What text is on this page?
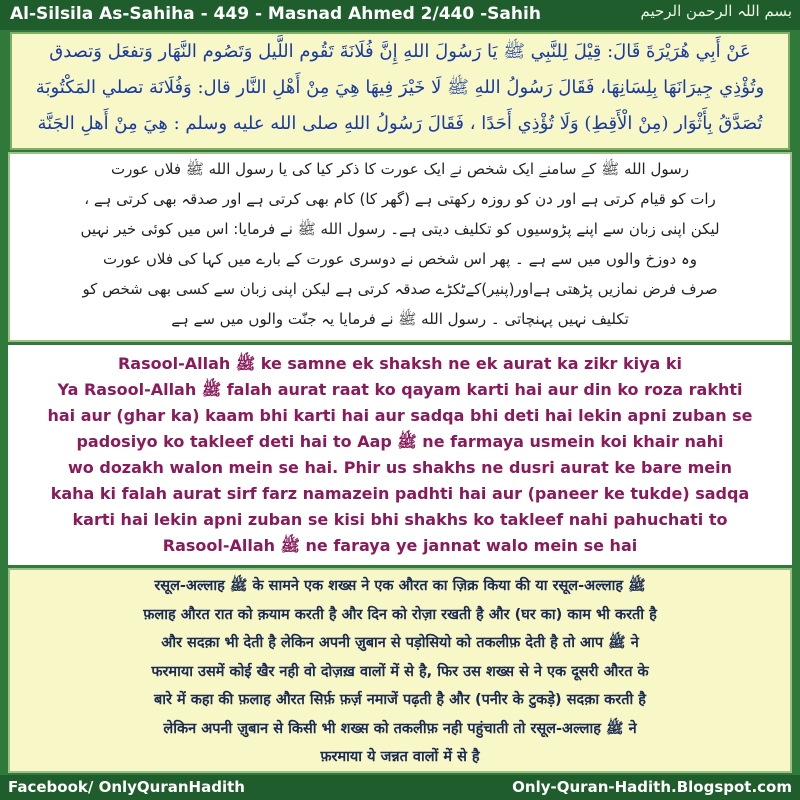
Al-Silsila As-Sahiha - 449 - Masnad Ahmed 2/440 -Sahih	بسم اللہ الرحمن الرحیم
عَنْ أَبِي هُرَيْرَةَ قَالَ: قِيْلَ لِلنَّبِي ﷺ يَا رَسُولَ اللهِ إِنَّ فُلَانَةَ تَقُوم اللَّيل وَتَصُوم النَّهَار وَتفعَل وَتصدق
وتُؤْذِي جِيرَانَهَا بِلِسَانِهَا، فَقَالَ رَسُولُ اللهِ ﷺ لَا خَيْرَ فِيهَا هِيَ مِنْ أَهْلِ النَّار قال: وَفُلَانَة تصلي المَكْتُوبَة
تُصَدَّقُ بِأَثْوَار (مِنْ الْأَقِطِ) وَلَا تُؤْذِي أَحَدًا ، فَقَالَ رَسُولُ اللهِ صلى الله عليه وسلم : هِيَ مِنْ أَهلِ الجَنَّة
رسول الله ﷺ کے سامنے ایک شخص نے ایک عورت کا ذکر کیا کی یا رسول الله ﷺ فلاں عورت
رات کو قیام کرتی ہے اور دن کو روزہ رکھتی ہے (گھر کا) کام بھی کرتی ہے اور صدقہ بھی کرتی ہے ،
لیکن اپنی زبان سے اپنے پڑوسیوں کو تکلیف دیتی ہے۔ رسول الله ﷺ نے فرمایا: اس میں کوئی خیر نہیں
وہ دوزخ والوں میں سے ہے ۔ پھر اس شخص نے دوسری عورت کے بارے میں کہا کی فلاں عورت
صرف فرض نمازیں پڑھتی ہےاور(پنیر)کےٹکڑے صدقہ کرتی ہے لیکن اپنی زبان سے کسی بھی شخص کو
تکلیف نہیں پہنچاتی ۔ رسول الله ﷺ نے فرمایا یہ جنّت والوں میں سے ہے
Rasool-Allah ﷺ ke samne ek shaksh ne ek aurat ka zikr kiya ki
Ya Rasool-Allah ﷺ falah aurat raat ko qayam karti hai aur din ko roza rakhti
hai aur (ghar ka) kaam bhi karti hai aur sadqa bhi deti hai lekin apni zuban se
padosiyo ko takleef deti hai to Aap ﷺ ne farmaya usmein koi khair nahi
wo dozakh walon mein se hai. Phir us shakhs ne dusri aurat ke bare mein
kaha ki falah aurat sirf farz namazein padhti hai aur (paneer ke tukde) sadqa
karti hai lekin apni zuban se kisi bhi shakhs ko takleef nahi pahuchati to
Rasool-Allah ﷺ ne faraya ye jannat walo mein se hai
रसूल-अल्लाह ﷺ के सामने एक शख्स ने एक औरत का ज़िक्र किया की या रसूल-अल्लाह ﷺ
फ़लाह औरत रात को क़याम करती है और दिन को रोज़ा रखती है और (घर का) काम भी करती है
और सदक़ा भी देती है लेकिन अपनी ज़ुबान से पड़ोसियो को तकलीफ़ देती है तो आप ﷺ ने
फरमाया उसमें कोई खैर नही वो दोज़ख़ वालों में से है, फिर उस शख्स से ने एक दूसरी औरत के
बारे में कहा की फ़लाह औरत सिर्फ़ फ़र्ज़ नमाजें पढ़ती है और (पनीर के टुकड़े) सदक़ा करती है
लेकिन अपनी ज़ुबान से किसी भी शख्स को तकलीफ़ नही पहुंचाती तो रसूल-अल्लाह ﷺ ने
फ़रमाया ये जन्नत वालों में से है
Facebook/ OnlyQuranHadith	Only-Quran-Hadith.Blogspot.com
